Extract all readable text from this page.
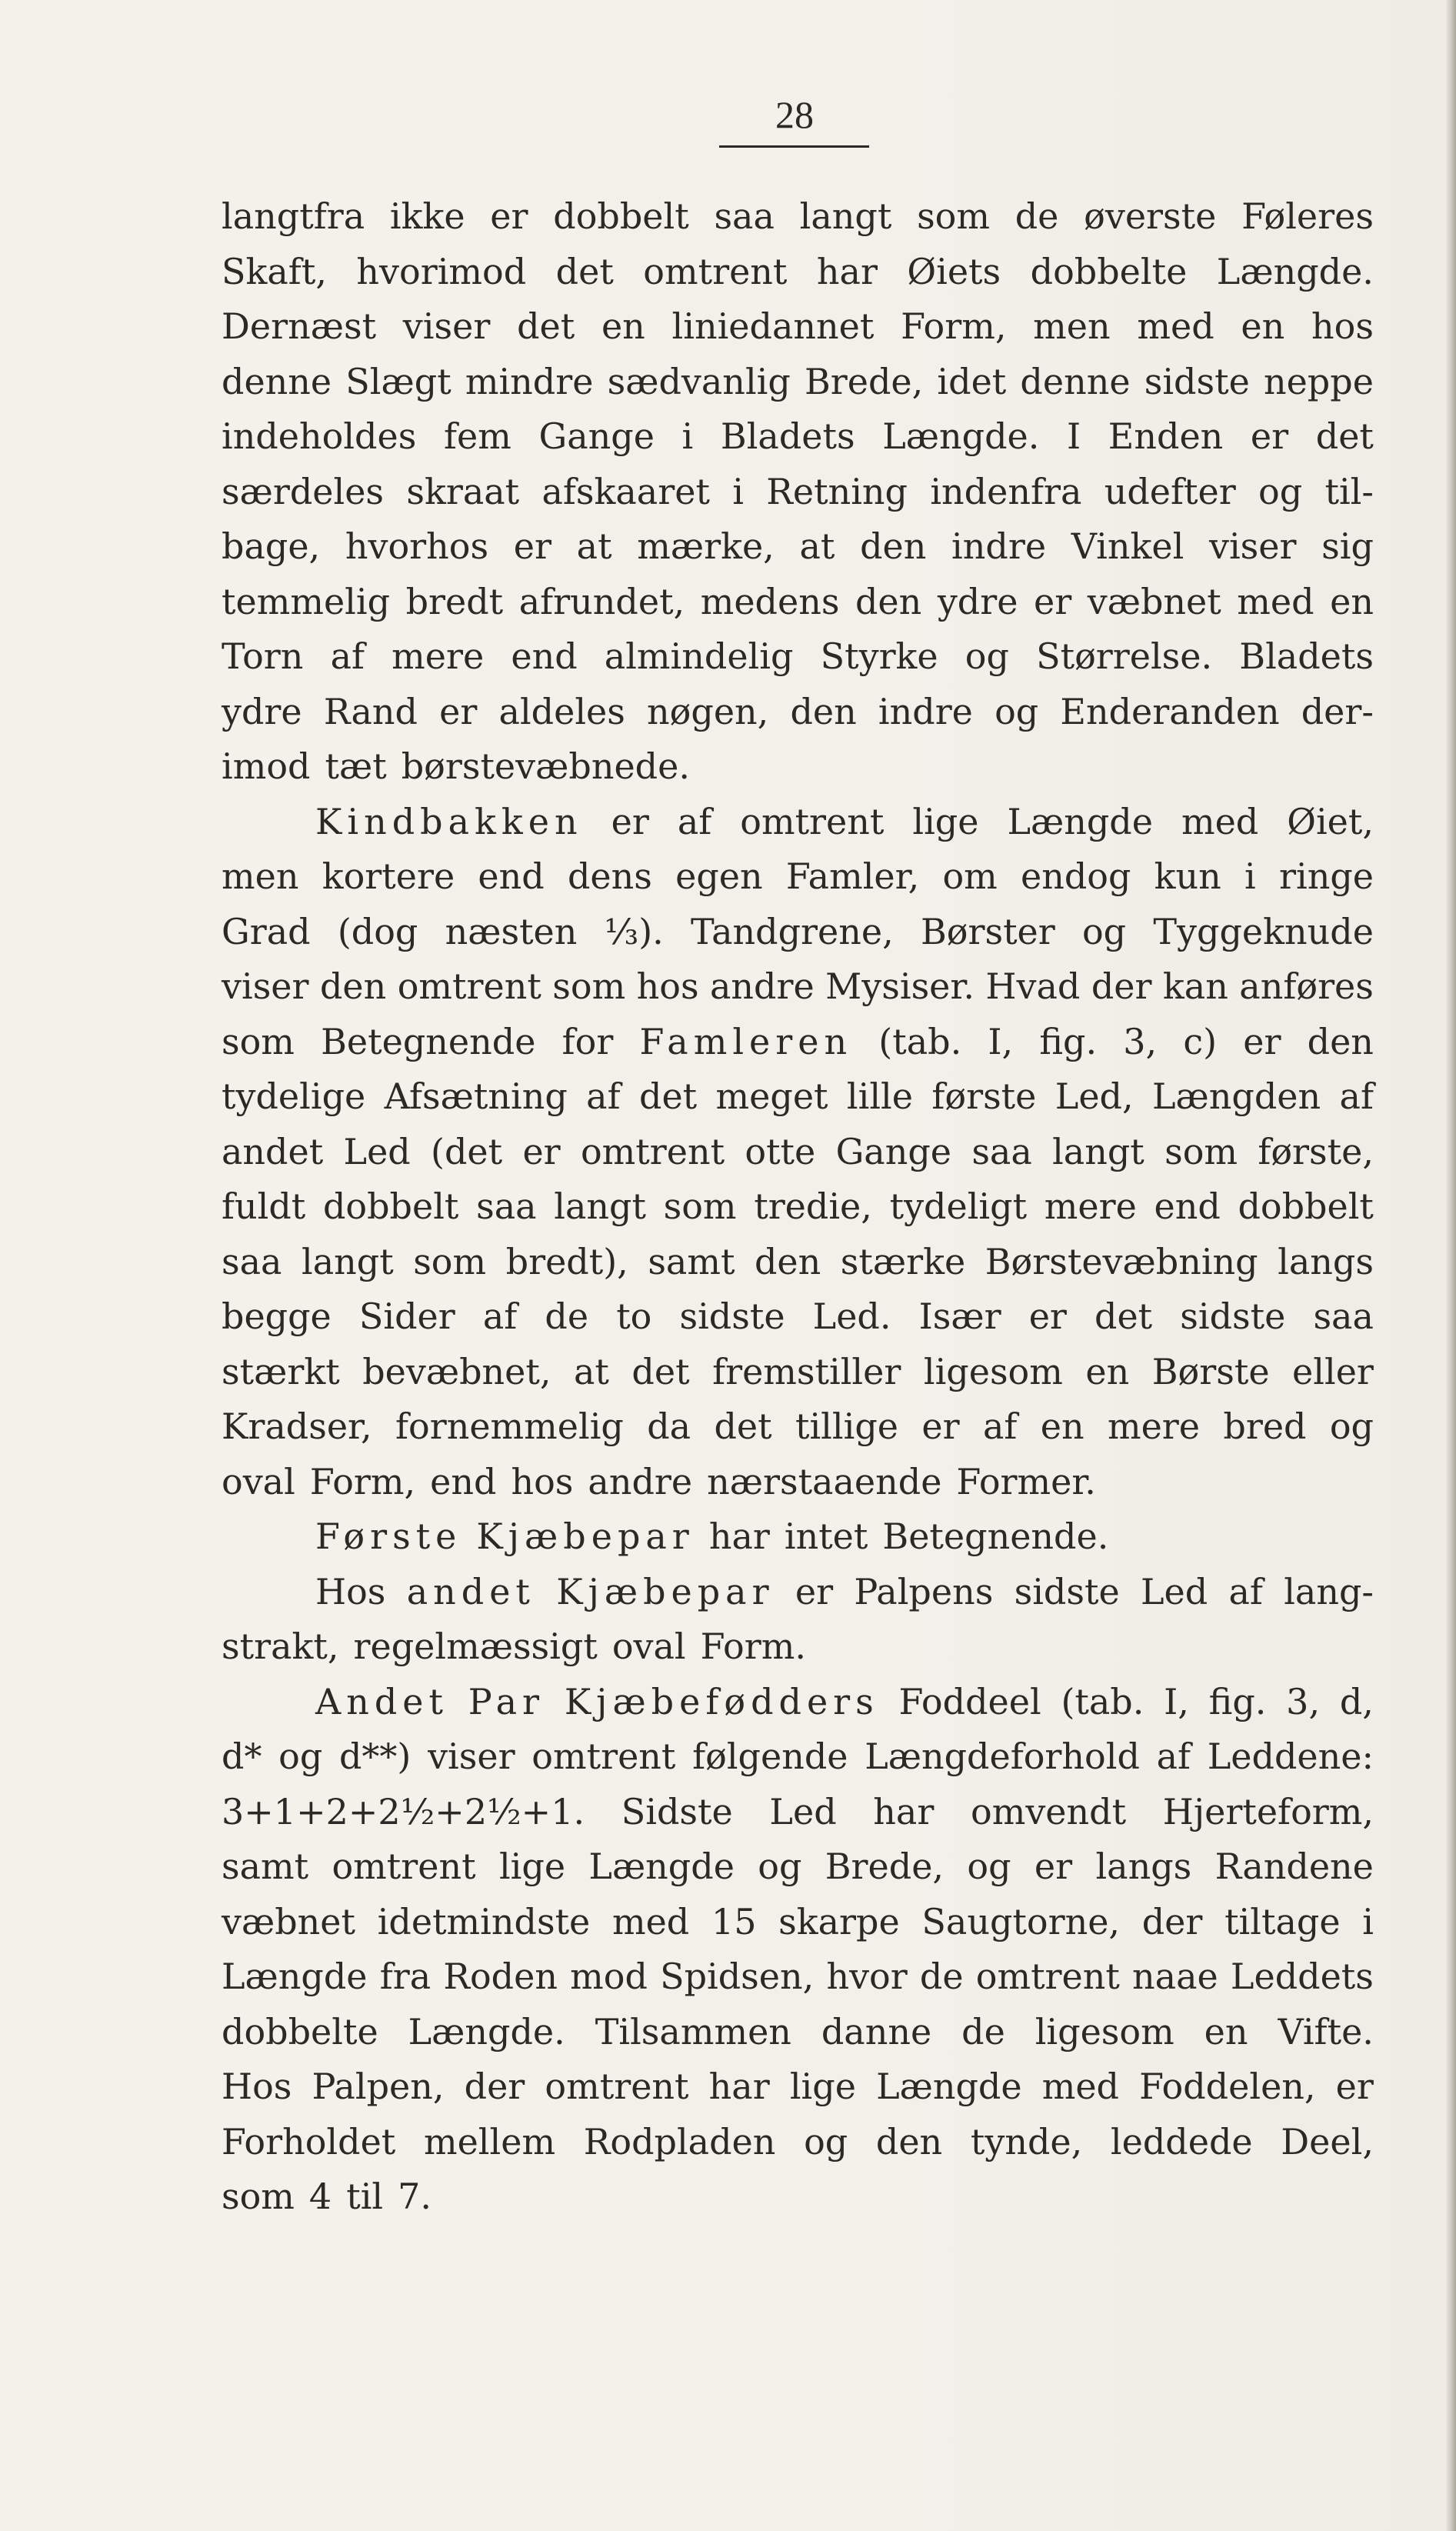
28
langtfra ikke er dobbelt saa langt som de øverste Føleres
Skaft, hvorimod det omtrent har Øiets dobbelte Længde.
Dernæst viser det en liniedannet Form, men med en hos
denne Slægt mindre sædvanlig Brede, idet denne sidste neppe
indeholdes fem Gange i Bladets Længde. I Enden er det
særdeles skraat afskaaret i Retning indenfra udefter og til-
bage, hvorhos er at mærke, at den indre Vinkel viser sig
temmelig bredt afrundet, medens den ydre er væbnet med en
Torn af mere end almindelig Styrke og Størrelse. Bladets
ydre Rand er aldeles nøgen, den indre og Enderanden der-
imod tæt børstevæbnede.
Kindbakken er af omtrent lige Længde med Øiet,
men kortere end dens egen Famler, om endog kun i ringe
Grad (dog næsten ⅓). Tandgrene, Børster og Tyggeknude
viser den omtrent som hos andre Mysiser. Hvad der kan anføres
som Betegnende for Famleren (tab. I, fig. 3, c) er den
tydelige Afsætning af det meget lille første Led, Længden af
andet Led (det er omtrent otte Gange saa langt som første,
fuldt dobbelt saa langt som tredie, tydeligt mere end dobbelt
saa langt som bredt), samt den stærke Børstevæbning langs
begge Sider af de to sidste Led. Især er det sidste saa
stærkt bevæbnet, at det fremstiller ligesom en Børste eller
Kradser, fornemmelig da det tillige er af en mere bred og
oval Form, end hos andre nærstaaende Former.
Første Kjæbepar har intet Betegnende.
Hos andet Kjæbepar er Palpens sidste Led af lang-
strakt, regelmæssigt oval Form.
Andet Par Kjæbefødders Foddeel (tab. I, fig. 3, d,
d* og d**) viser omtrent følgende Længdeforhold af Leddene:
3+1+2+2½+2½+1. Sidste Led har omvendt Hjerteform,
samt omtrent lige Længde og Brede, og er langs Randene
væbnet idetmindste med 15 skarpe Saugtorne, der tiltage i
Længde fra Roden mod Spidsen, hvor de omtrent naae Leddets
dobbelte Længde. Tilsammen danne de ligesom en Vifte.
Hos Palpen, der omtrent har lige Længde med Foddelen, er
Forholdet mellem Rodpladen og den tynde, leddede Deel,
som 4 til 7.
